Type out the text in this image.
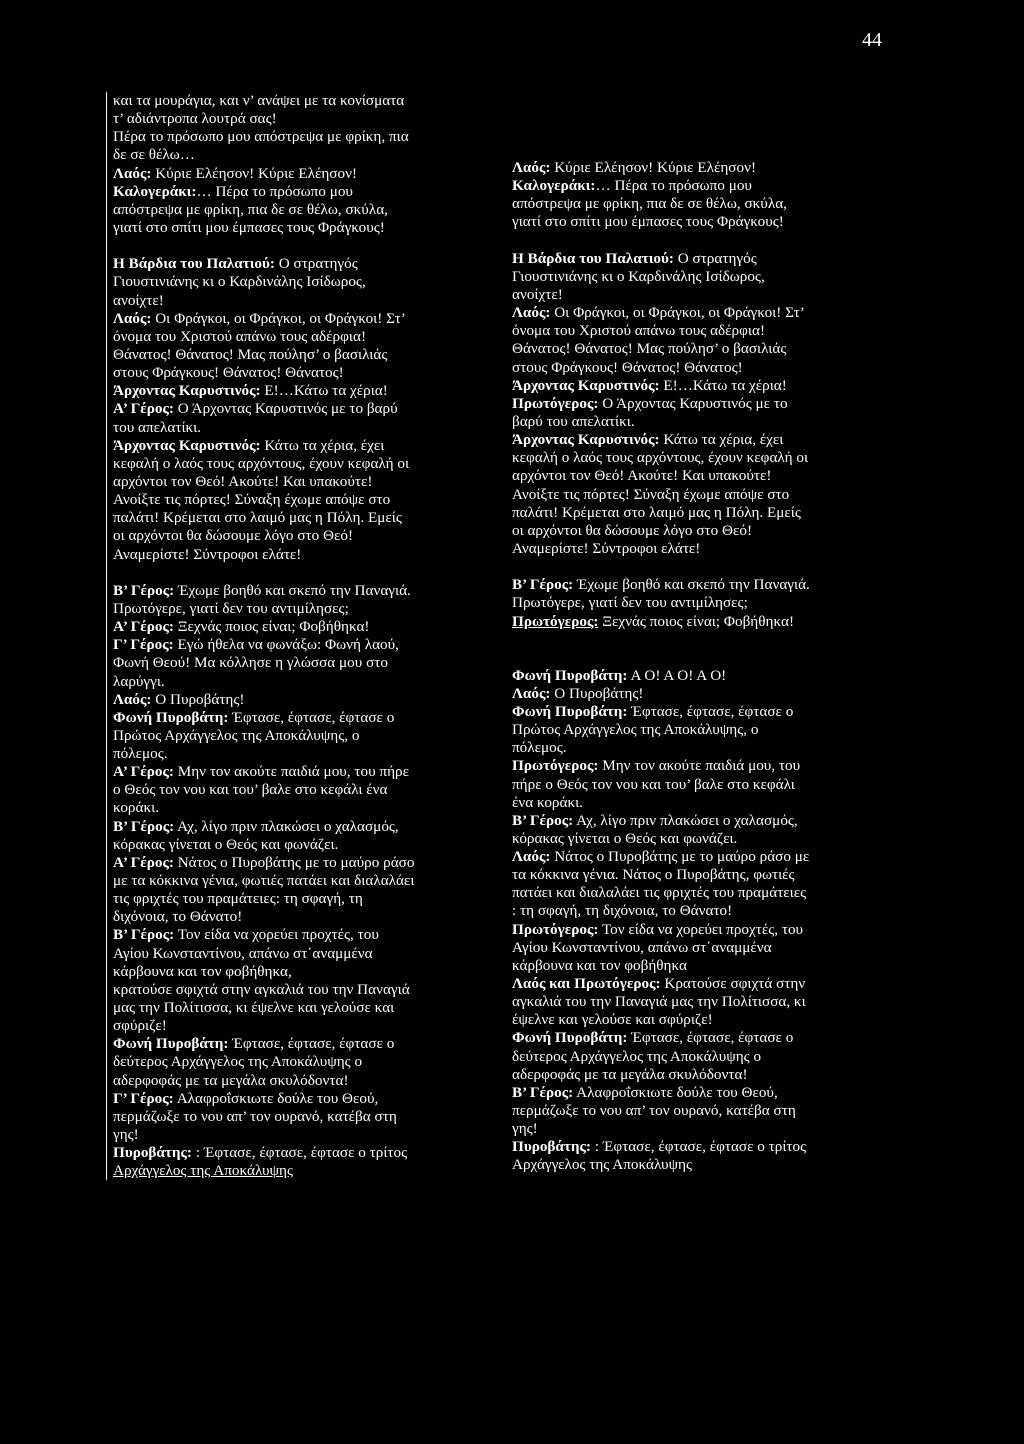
44
και τα μουράγια, και ν’ ανάψει με τα κονίσματα
τ’ αδιάντροπα λουτρά σας!
Πέρα το πρόσωπο μου απόστρεψα με φρίκη, πια
δε σε θέλω…
Λαός: Κύριε Ελέησον! Κύριε Ελέησον!
Καλογεράκι:… Πέρα το πρόσωπο μου
απόστρεψα με φρίκη, πια δε σε θέλω, σκύλα,
γιατί στο σπίτι μου έμπασες τους Φράγκους!
Η Βάρδια του Παλατιού: Ο στρατηγός
Γιουστινιάνης κι ο Καρδινάλης Ισίδωρος,
ανοίχτε!
Λαός: Οι Φράγκοι, οι Φράγκοι, οι Φράγκοι! Στ’
όνομα του Χριστού απάνω τους αδέρφια!
Θάνατος! Θάνατος! Μας πούλησ’ ο βασιλιάς
στους Φράγκους! Θάνατος! Θάνατος!
Άρχοντας Καρυστινός: Ε!…Κάτω τα χέρια!
Α’ Γέρος: Ο Άρχοντας Καρυστινός με το βαρύ
του απελατίκι.
Άρχοντας Καρυστινός: Κάτω τα χέρια, έχει
κεφαλή ο λαός τους αρχόντους, έχουν κεφαλή οι
αρχόντοι τον Θεό! Ακούτε! Και υπακούτε!
Ανοίξτε τις πόρτες! Σύναξη έχωμε απόψε στο
παλάτι! Κρέμεται στο λαιμό μας η Πόλη. Εμείς
οι αρχόντοι θα δώσουμε λόγο στο Θεό!
Αναμερίστε! Σύντροφοι ελάτε!
Β’ Γέρος: Έχωμε βοηθό και σκεπό την Παναγιά.
Πρωτόγερε, γιατί δεν του αντιμίλησες;
Α’ Γέρος: Ξεχνάς ποιος είναι; Φοβήθηκα!
Γ’ Γέρος: Εγώ ήθελα να φωνάξω: Φωνή λαού,
Φωνή Θεού! Μα κόλλησε η γλώσσα μου στο
λαρύγγι.
Λαός: Ο Πυροβάτης!
Φωνή Πυροβάτη: Έφτασε, έφτασε, έφτασε ο
Πρώτος Αρχάγγελος της Αποκάλυψης, ο
πόλεμος.
Α’ Γέρος: Μην τον ακούτε παιδιά μου, του πήρε
ο Θεός τον νου και του’ βαλε στο κεφάλι ένα
κοράκι.
Β’ Γέρος: Αχ, λίγο πριν πλακώσει ο χαλασμός,
κόρακας γίνεται ο Θεός και φωνάζει.
Α’ Γέρος: Νάτος ο Πυροβάτης με το μαύρο ράσο
με τα κόκκινα γένια, φωτιές πατάει και διαλαλάει
τις φριχτές του πραμάτειες: τη σφαγή, τη
διχόνοια, το Θάνατο!
Β’ Γέρος: Τον είδα να χορεύει προχτές, του
Αγίου Κωνσταντίνου, απάνω στ΄αναμμένα
κάρβουνα και τον φοβήθηκα,
κρατούσε σφιχτά στην αγκαλιά του την Παναγιά
μας την Πολίτισσα, κι έψελνε και γελούσε και
σφύριζε!
Φωνή Πυροβάτη: Έφτασε, έφτασε, έφτασε ο
δεύτερος Αρχάγγελος της Αποκάλυψης ο
αδερφοφάς με τα μεγάλα σκυλόδοντα!
Γ’ Γέρος: Αλαφροΐσκιωτε δούλε του Θεού,
περμάζωξε το νου απ’ τον ουρανό, κατέβα στη
γης!
Πυροβάτης: : Έφτασε, έφτασε, έφτασε ο τρίτος
Αρχάγγελος της Αποκάλυψης
Λαός: Κύριε Ελέησον! Κύριε Ελέησον!
Καλογεράκι:… Πέρα το πρόσωπο μου
απόστρεψα με φρίκη, πια δε σε θέλω, σκύλα,
γιατί στο σπίτι μου έμπασες τους Φράγκους!
Η Βάρδια του Παλατιού: Ο στρατηγός
Γιουστινιάνης κι ο Καρδινάλης Ισίδωρος,
ανοίχτε!
Λαός: Οι Φράγκοι, οι Φράγκοι, οι Φράγκοι! Στ’
όνομα του Χριστού απάνω τους αδέρφια!
Θάνατος! Θάνατος! Μας πούλησ’ ο βασιλιάς
στους Φράγκους! Θάνατος! Θάνατος!
Άρχοντας Καρυστινός: Ε!…Κάτω τα χέρια!
Πρωτόγερος: Ο Άρχοντας Καρυστινός με το
βαρύ του απελατίκι.
Άρχοντας Καρυστινός: Κάτω τα χέρια, έχει
κεφαλή ο λαός τους αρχόντους, έχουν κεφαλή οι
αρχόντοι τον Θεό! Ακούτε! Και υπακούτε!
Ανοίξτε τις πόρτες! Σύναξη έχωμε απόψε στο
παλάτι! Κρέμεται στο λαιμό μας η Πόλη. Εμείς
οι αρχόντοι θα δώσουμε λόγο στο Θεό!
Αναμερίστε! Σύντροφοι ελάτε!
Β’ Γέρος: Έχωμε βοηθό και σκεπό την Παναγιά.
Πρωτόγερε, γιατί δεν του αντιμίλησες;
Πρωτόγερος: Ξεχνάς ποιος είναι; Φοβήθηκα!
Φωνή Πυροβάτη: Α Ο! Α Ο! Α Ο!
Λαός: Ο Πυροβάτης!
Φωνή Πυροβάτη: Έφτασε, έφτασε, έφτασε ο
Πρώτος Αρχάγγελος της Αποκάλυψης, ο
πόλεμος.
Πρωτόγερος: Μην τον ακούτε παιδιά μου, του
πήρε ο Θεός τον νου και του’ βαλε στο κεφάλι
ένα κοράκι.
Β’ Γέρος: Αχ, λίγο πριν πλακώσει ο χαλασμός,
κόρακας γίνεται ο Θεός και φωνάζει.
Λαός: Νάτος ο Πυροβάτης με το μαύρο ράσο με
τα κόκκινα γένια. Νάτος ο Πυροβάτης, φωτιές
πατάει και διαλαλάει τις φριχτές του πραμάτειες
: τη σφαγή, τη διχόνοια, το Θάνατο!
Πρωτόγερος: Τον είδα να χορεύει προχτές, του
Αγίου Κωνσταντίνου, απάνω στ΄αναμμένα
κάρβουνα και τον φοβήθηκα
Λαός και Πρωτόγερος: Κρατούσε σφιχτά στην
αγκαλιά του την Παναγιά μας την Πολίτισσα, κι
έψελνε και γελούσε και σφύριζε!
Φωνή Πυροβάτη: Έφτασε, έφτασε, έφτασε ο
δεύτερος Αρχάγγελος της Αποκάλυψης ο
αδερφοφάς με τα μεγάλα σκυλόδοντα!
Β’ Γέρος: Αλαφροΐσκιωτε δούλε του Θεού,
περμάζωξε το νου απ’ τον ουρανό, κατέβα στη
γης!
Πυροβάτης: : Έφτασε, έφτασε, έφτασε ο τρίτος
Αρχάγγελος της Αποκάλυψης
